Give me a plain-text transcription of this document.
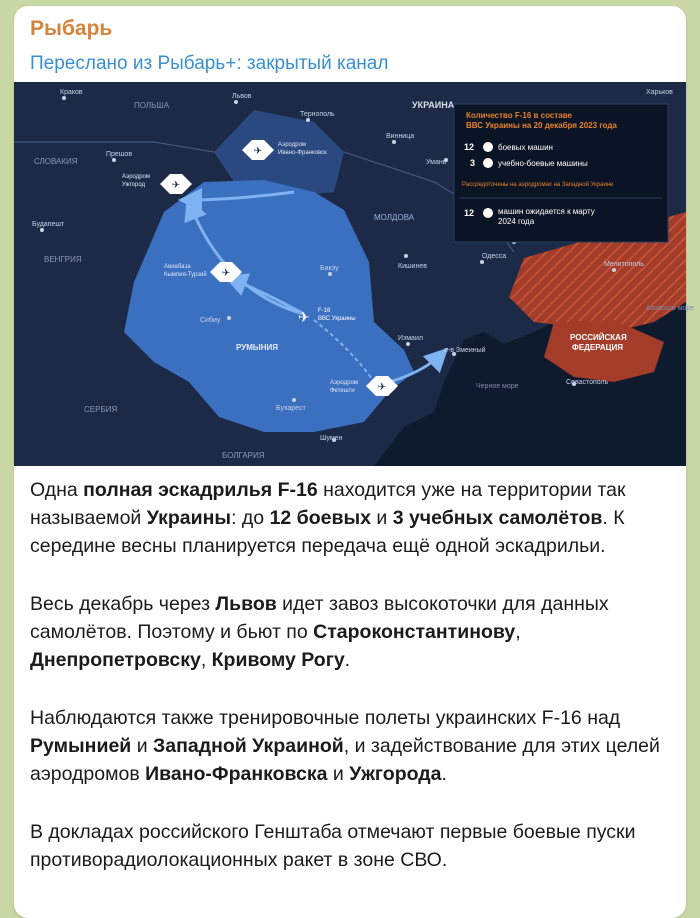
Рыбарь
Переслано из Рыбарь+: закрытый канал
ПОЛЬША	УКРАИНА
СЛОВАКИЯ
ВЕНГРИЯ
СЕРБИЯ
РУМЫНИЯ
МОЛДОВА
БОЛГАРИЯ
РОССИЙСКАЯ
ФЕДЕРАЦИЯ
Краков
Львов
Тернополь
Харьков
Прешов
Винница
Умань
Будапешт
Кишинев
Одесса
Мелитополь
Бакэу
Сибиу
Измаил
Бухарест
Севастополь
Шумен
о-в Змеиный
Азовское море
Черное море
✈
Аэродром
Ивано-Франковск
✈
Аэродром
Ужгород
✈
Авиабаза
Кымпия-Турзий
✈
Аэродром
Фетешти
✈ F-16
ВВС Украины
Количество F-16 в составе
ВВС Украины на 20 декабря 2023 года
12	боевых машин
3	учебно-боевые машины
Рассредоточены на аэродромах на Западной Украине
12	машин ожидается к марту
2024 года

Одна полная эскадрилья F-16 находится уже на территории так называемой Украины: до 12 боевых и 3 учебных самолётов. К середине весны планируется передача ещё одной эскадрильи.

Весь декабрь через Львов идет завоз высокоточки для данных самолётов. Поэтому и бьют по Староконстантинову, Днепропетровску, Кривому Рогу.

Наблюдаются также тренировочные полеты украинских F-16 над Румынией и Западной Украиной, и задействование для этих целей аэродромов Ивано-Франковска и Ужгорода.

В докладах российского Генштаба отмечают первые боевые пуски противорадиолокационных ракет в зоне СВО.
